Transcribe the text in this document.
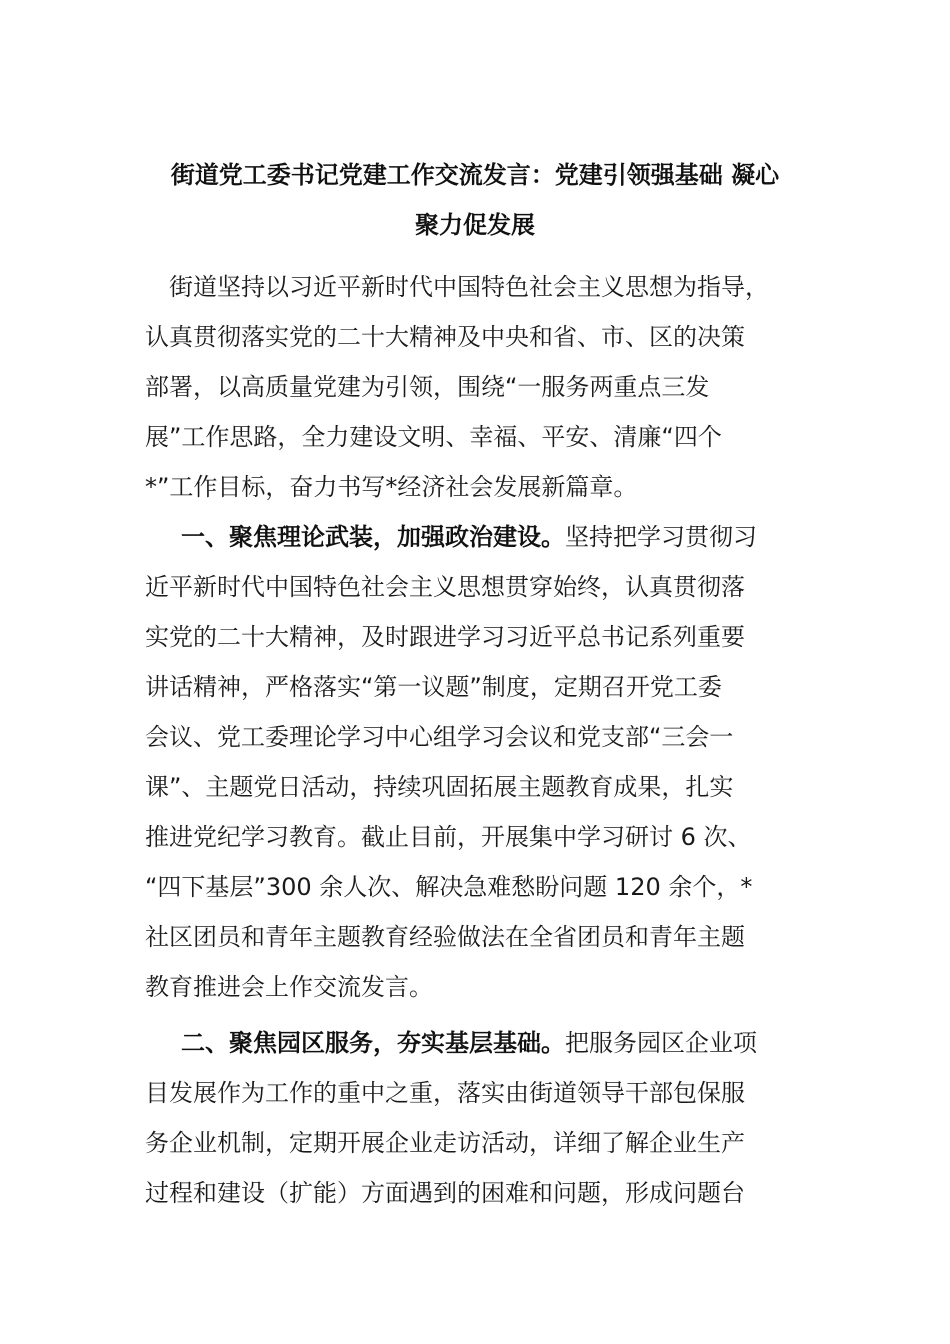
街道党工委书记党建工作交流发言：党建引领强基础 凝心
聚力促发展
　街道坚持以习近平新时代中国特色社会主义思想为指导，
认真贯彻落实党的二十大精神及中央和省、市、区的决策
部署，以高质量党建为引领，围绕“一服务两重点三发
展”工作思路，全力建设文明、幸福、平安、清廉“四个
*”工作目标，奋力书写*经济社会发展新篇章。
一、聚焦理论武装，加强政治建设。坚持把学习贯彻习
近平新时代中国特色社会主义思想贯穿始终，认真贯彻落
实党的二十大精神，及时跟进学习习近平总书记系列重要
讲话精神，严格落实“第一议题”制度，定期召开党工委
会议、党工委理论学习中心组学习会议和党支部“三会一
课”、主题党日活动，持续巩固拓展主题教育成果，扎实
推进党纪学习教育。截止目前，开展集中学习研讨 6 次、
“四下基层”300 余人次、解决急难愁盼问题 120 余个，*
社区团员和青年主题教育经验做法在全省团员和青年主题
教育推进会上作交流发言。
二、聚焦园区服务，夯实基层基础。把服务园区企业项
目发展作为工作的重中之重，落实由街道领导干部包保服
务企业机制，定期开展企业走访活动，详细了解企业生产
过程和建设（扩能）方面遇到的困难和问题，形成问题台
